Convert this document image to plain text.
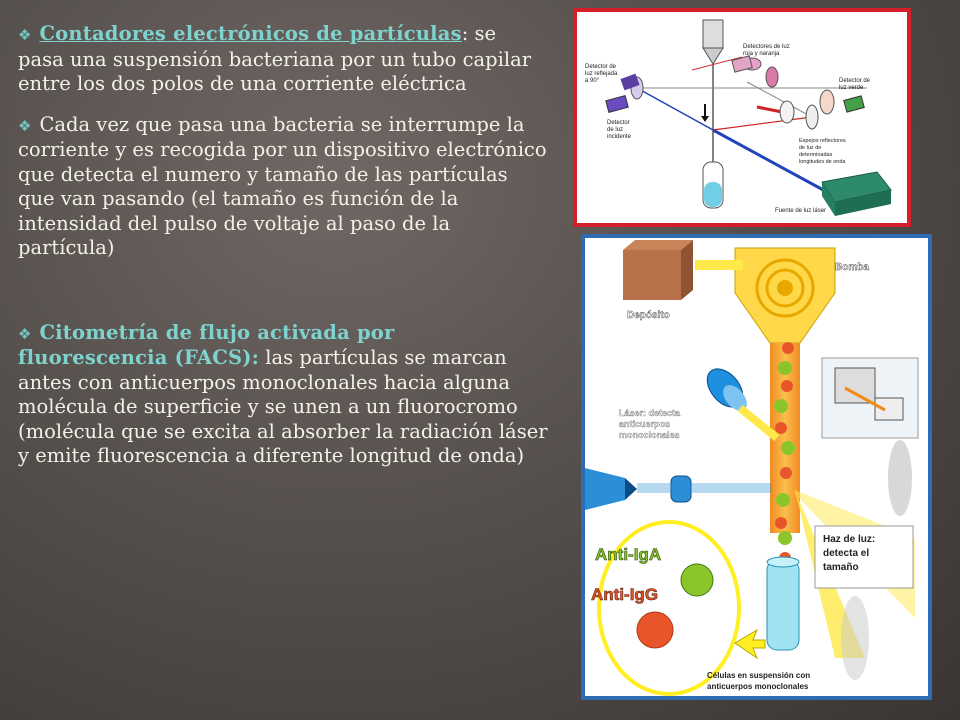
❖ Contadores electrónicos de partículas: se pasa una suspensión bacteriana por un tubo capilar entre los dos polos de una corriente eléctrica

❖ Cada vez que pasa una bacteria se interrumpe la corriente y es recogida por un dispositivo electrónico que detecta el numero y tamaño de las partículas que van pasando (el tamaño es función de la intensidad del pulso de voltaje al paso de la partícula)

❖ Citometría de flujo activada por fluorescencia (FACS): las partículas se marcan antes con anticuerpos monoclonales hacia alguna molécula de superficie y se unen a un fluorocromo (molécula que se excita al absorber la radiación láser y emite fluorescencia a diferente longitud de onda)

Detector de
luz reflejada
a 90°
Detectores de luz
roja y naranja
Detector de
luz verde
Detector
de luz
incidente
Espejos reflectores
de luz de
determinadas
longitudes de onda
Fuente de luz láser
Bomba
Depósito
Láser: detecta
anticuerpos
monoclonales
Haz de luz:
detecta el
tamaño
Anti-IgA
Anti-IgG
Células en suspensión con
anticuerpos monoclonales
